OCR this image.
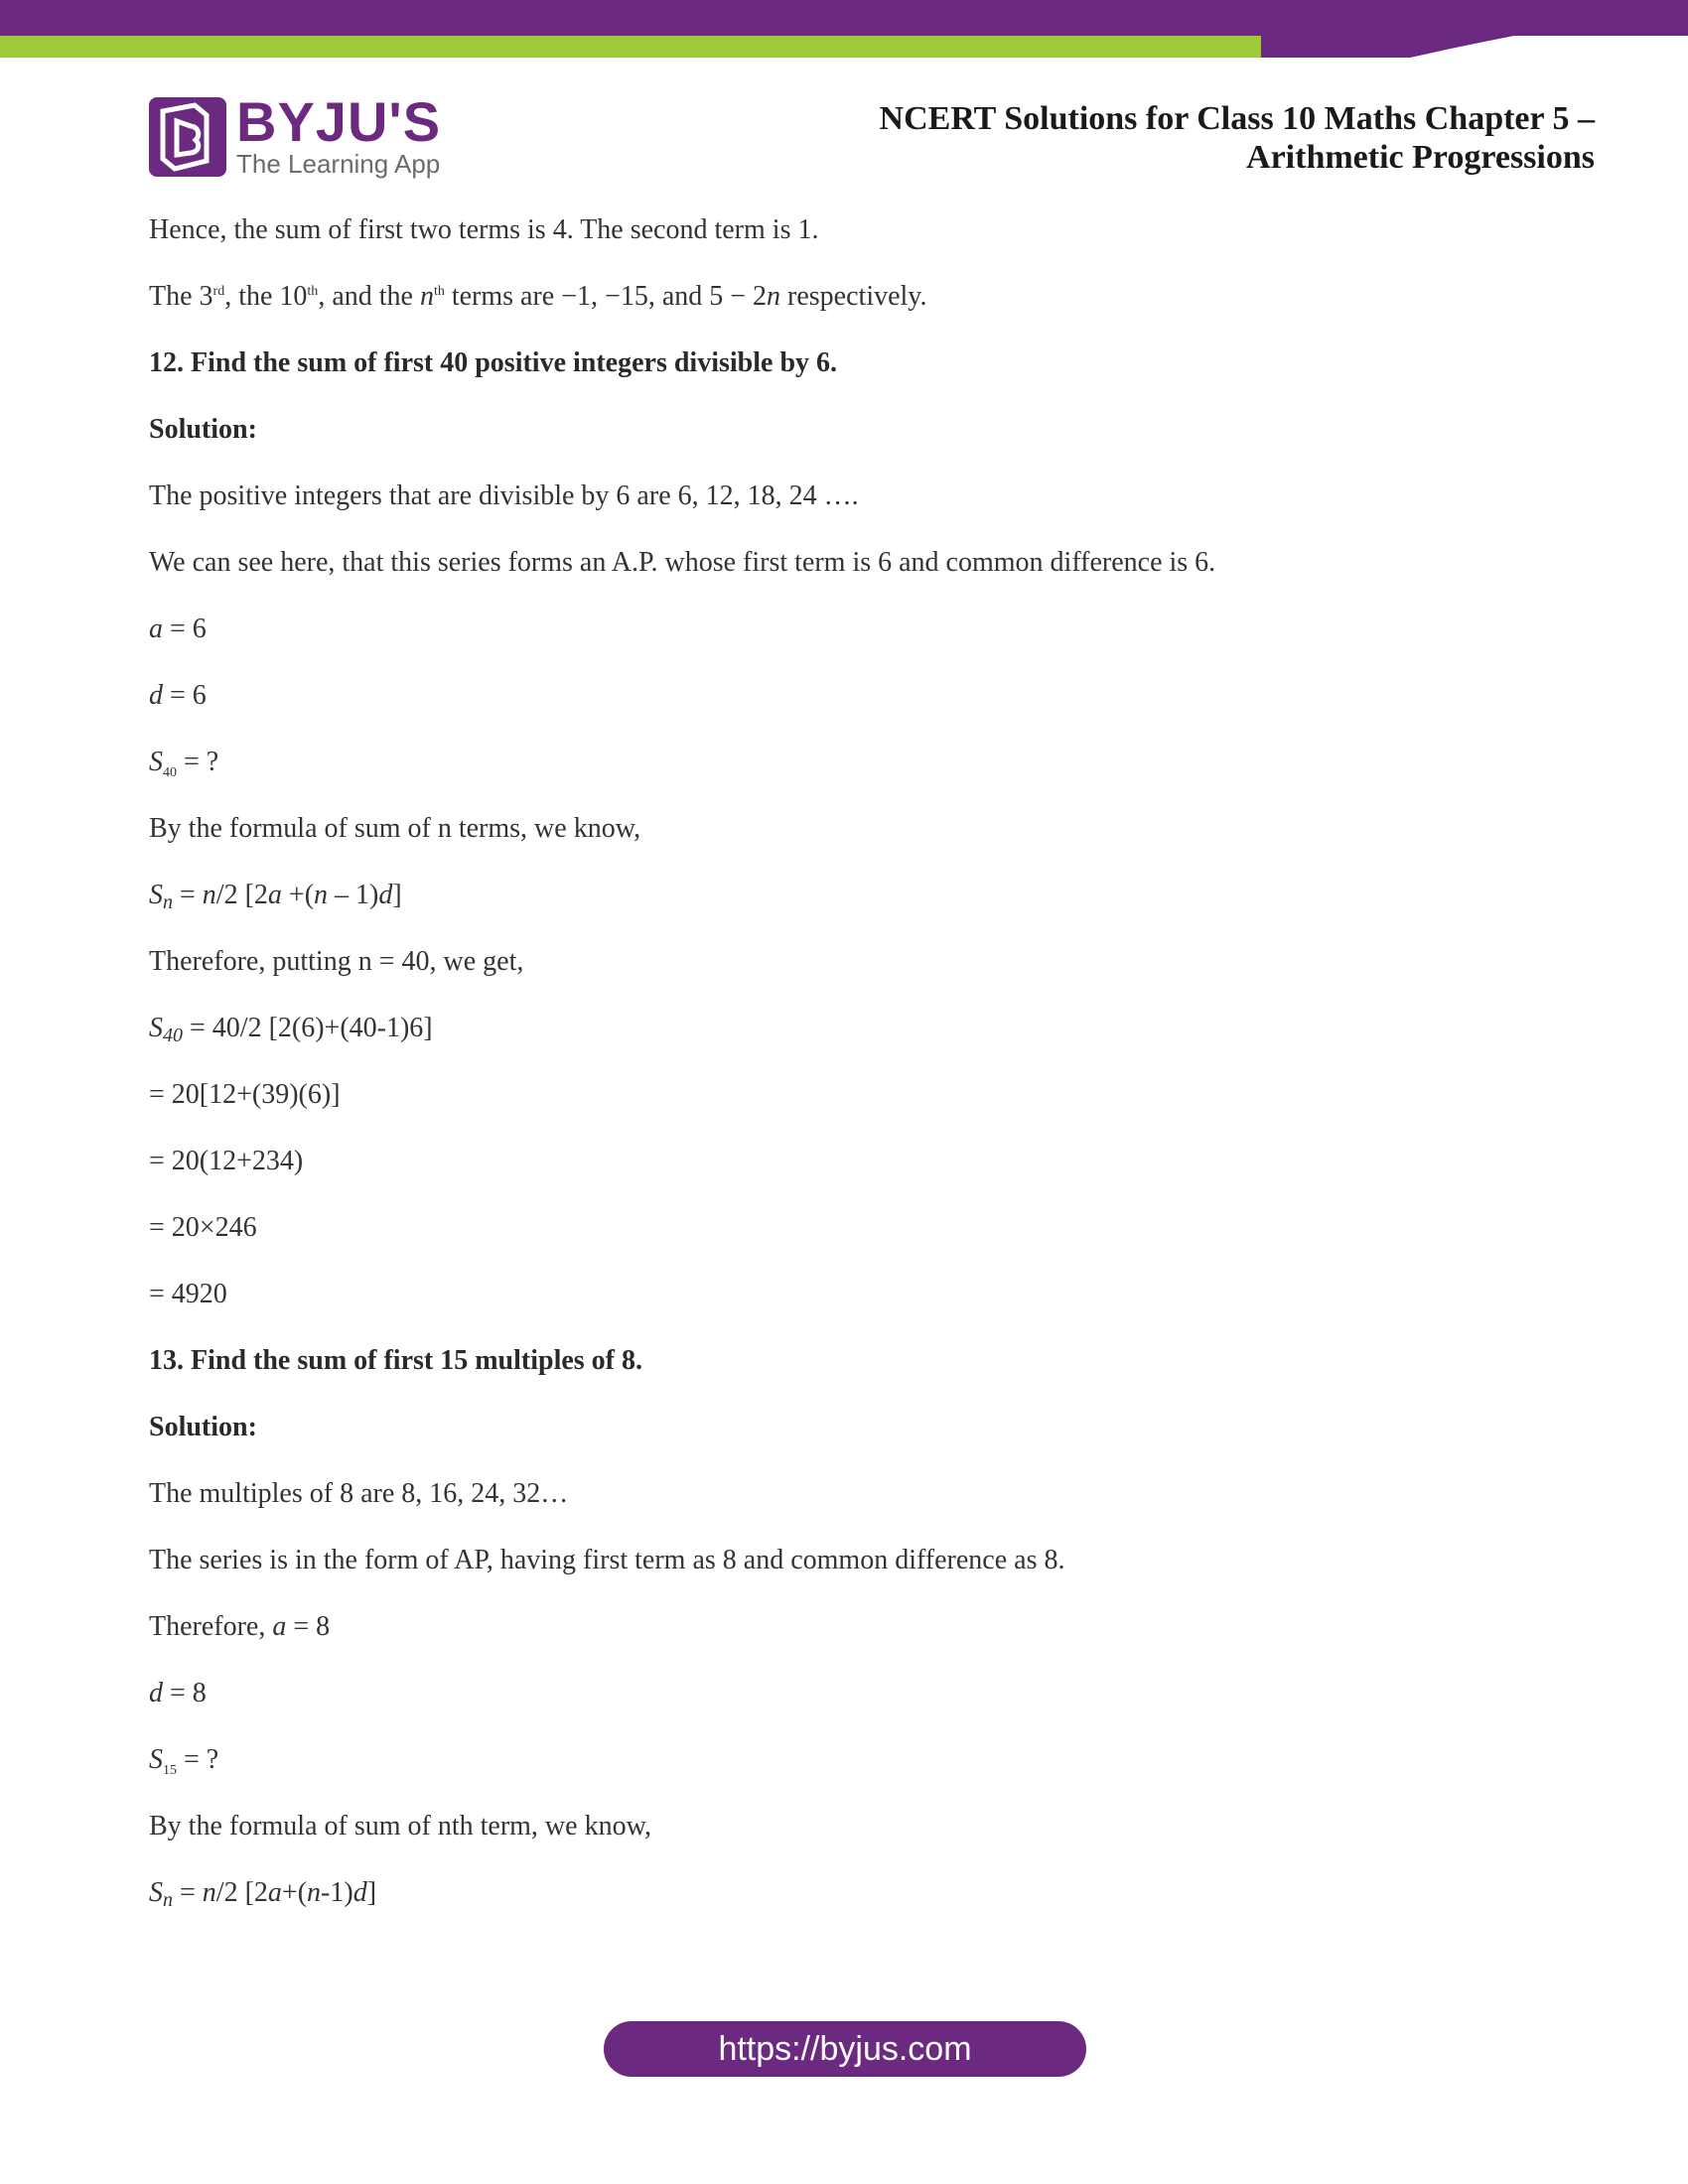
BYJU'S
The Learning App
NCERT Solutions for Class 10 Maths Chapter 5 –
Arithmetic Progressions
Hence, the sum of first two terms is 4. The second term is 1.
The 3rd, the 10th, and the $n^{th}$ terms are −1, −15, and 5 − 2n respectively.
12. Find the sum of first 40 positive integers divisible by 6.
Solution:
The positive integers that are divisible by 6 are 6, 12, 18, 24 ….
We can see here, that this series forms an A.P. whose first term is 6 and common difference is 6.
a = 6
d = 6
$S_{40}$ = ?
By the formula of sum of n terms, we know,
$S_n = n/2$ [2a +(n – 1)d]
Therefore, putting n = 40, we get,
$S_{40} = 40/2$ [2(6)+(40-1)6]
= 20[12+(39)(6)]
= 20(12+234)
= 20×246
= 4920
13. Find the sum of first 15 multiples of 8.
Solution:
The multiples of 8 are 8, 16, 24, 32…
The series is in the form of AP, having first term as 8 and common difference as 8.
Therefore, a = 8
d = 8
$S_{15}$ = ?
By the formula of sum of nth term, we know,
$S_n = n/2$ [2a+(n-1)d]
https://byjus.com
